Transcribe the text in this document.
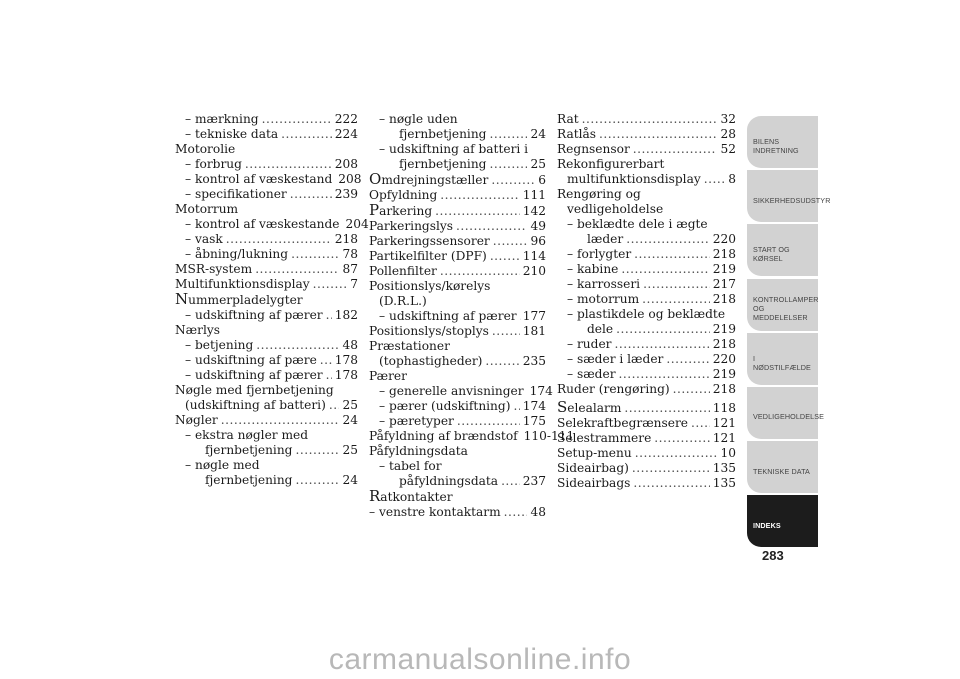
– mærkning .....	222
– tekniske data .....	224
Motorolie
– forbrug .....	208
– kontrol af væskestand 208
– specifikationer .....	239
Motorrum
– kontrol af væskestande 204
– vask .....	218
– åbning/lukning .....	78
MSR-system .....	87
Multifunktionsdisplay .....	7
Nummerpladelygter
– udskiftning af pærer ..... 182
Nærlys
– betjening .....	48
– udskiftning af pære ..... 178
– udskiftning af pærer ..... 178
Nøgle med fjernbetjening
(udskiftning af batteri) ..... 25
Nøgler .....	24
– ekstra nøgler med
fjernbetjening .....	25
– nøgle med
fjernbetjening .....	24
– nøgle uden
fjernbetjening .....	24
– udskiftning af batteri i
fjernbetjening .....	25
Omdrejningstæller .....	6
Opfyldning .....	111
Parkering .....	142
Parkeringslys .....	49
Parkeringssensorer .....	96
Partikelfilter (DPF) .....	114
Pollenfilter .....	210
Positionslys/kørelys
(D.R.L.)
– udskiftning af pærer ..... 177
Positionslys/stoplys .....	181
Præstationer
(tophastigheder) .....	235
Pærer
– generelle anvisninger 174
– pærer (udskiftning) ..... 174
– pæretyper .....	175
Påfyldning af brændstof 110-111
Påfyldningsdata
– tabel for
påfyldningsdata ..... 237
Ratkontakter
– venstre kontaktarm ..... 48
Rat .....	32
Ratlås .....	28
Regnsensor .....	52
Rekonfigurerbart
multifunktionsdisplay ..... 8
Rengøring og
vedligeholdelse
– beklædte dele i ægte
læder .....	220
– forlygter .....	218
– kabine .....	219
– karrosseri .....	217
– motorrum .....	218
– plastikdele og beklædte
dele .....	219
– ruder .....	218
– sæder i læder .....	220
– sæder .....	219
Ruder (rengøring) .....	218
Selealarm .....	118
Selekraftbegrænsere ..... 121
Selestrammere .....	121
Setup-menu .....	10
Sideairbag) .....	135
Sideairbags .....	135
BILENS
INDRETNING
SIKKERHEDSUDSTYR
START OG KØRSEL
KONTROLLAMPER
OG MEDDELELSER
I NØDSTILFÆLDE
VEDLIGEHOLDELSE
TEKNISKE DATA
INDEKS
283
carmanualsonline.info
